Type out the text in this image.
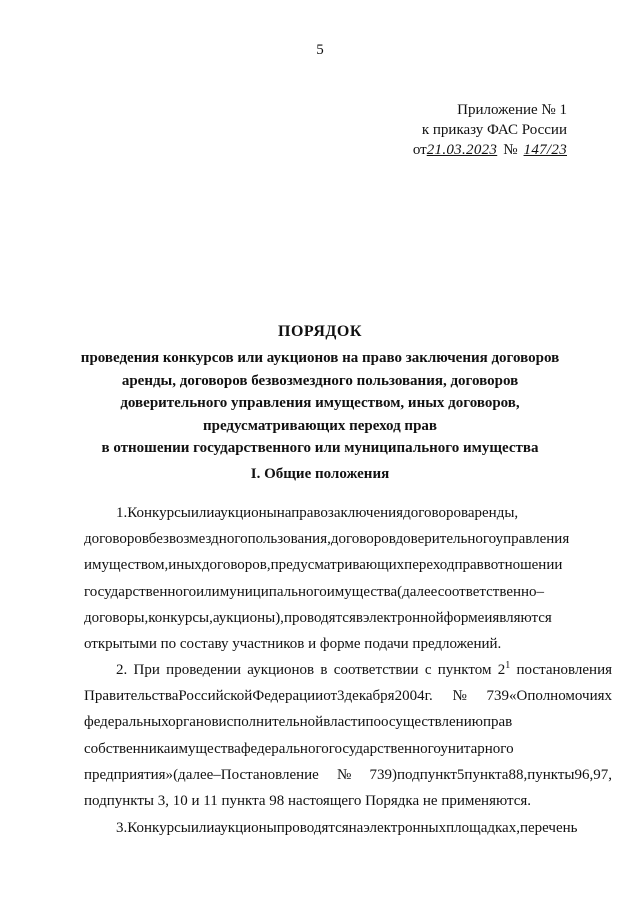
5
Приложение № 1
к приказу ФАС России
от21.03.2023 № 147/23
ПОРЯДОК
проведения конкурсов или аукционов на право заключения договоров
аренды, договоров безвозмездного пользования, договоров
доверительного управления имуществом, иных договоров,
предусматривающих переход прав
в отношении государственного или муниципального имущества
I. Общие положения
1.Конкурсыилиаукционынаправозаключениядоговороваренды,
договоровбезвозмездногопользования,договоровдоверительногоуправления
имуществом,иныхдоговоров,предусматривающихпереходправвотношении
государственногоилимуниципальногоимущества(далеесоответственно–
договоры,конкурсы,аукционы),проводятсявэлектроннойформеиявляются
открытыми по составу участников и форме подачи предложений.
2. При проведении аукционов в соответствии с пунктом $2^1$ постановления
ПравительстваРоссийскойФедерацииот3декабря2004г.№739«Ополномочиях
федеральныхоргановисполнительнойвластипоосуществлениюправ
собственникаимуществафедеральногогосударственногоунитарного
предприятия»(далее–Постановление№739)подпункт5пункта88,пункты96,97,
подпункты 3, 10 и 11 пункта 98 настоящего Порядка не применяются.
3.Конкурсыилиаукционыпроводятсянаэлектронныхплощадках,перечень
